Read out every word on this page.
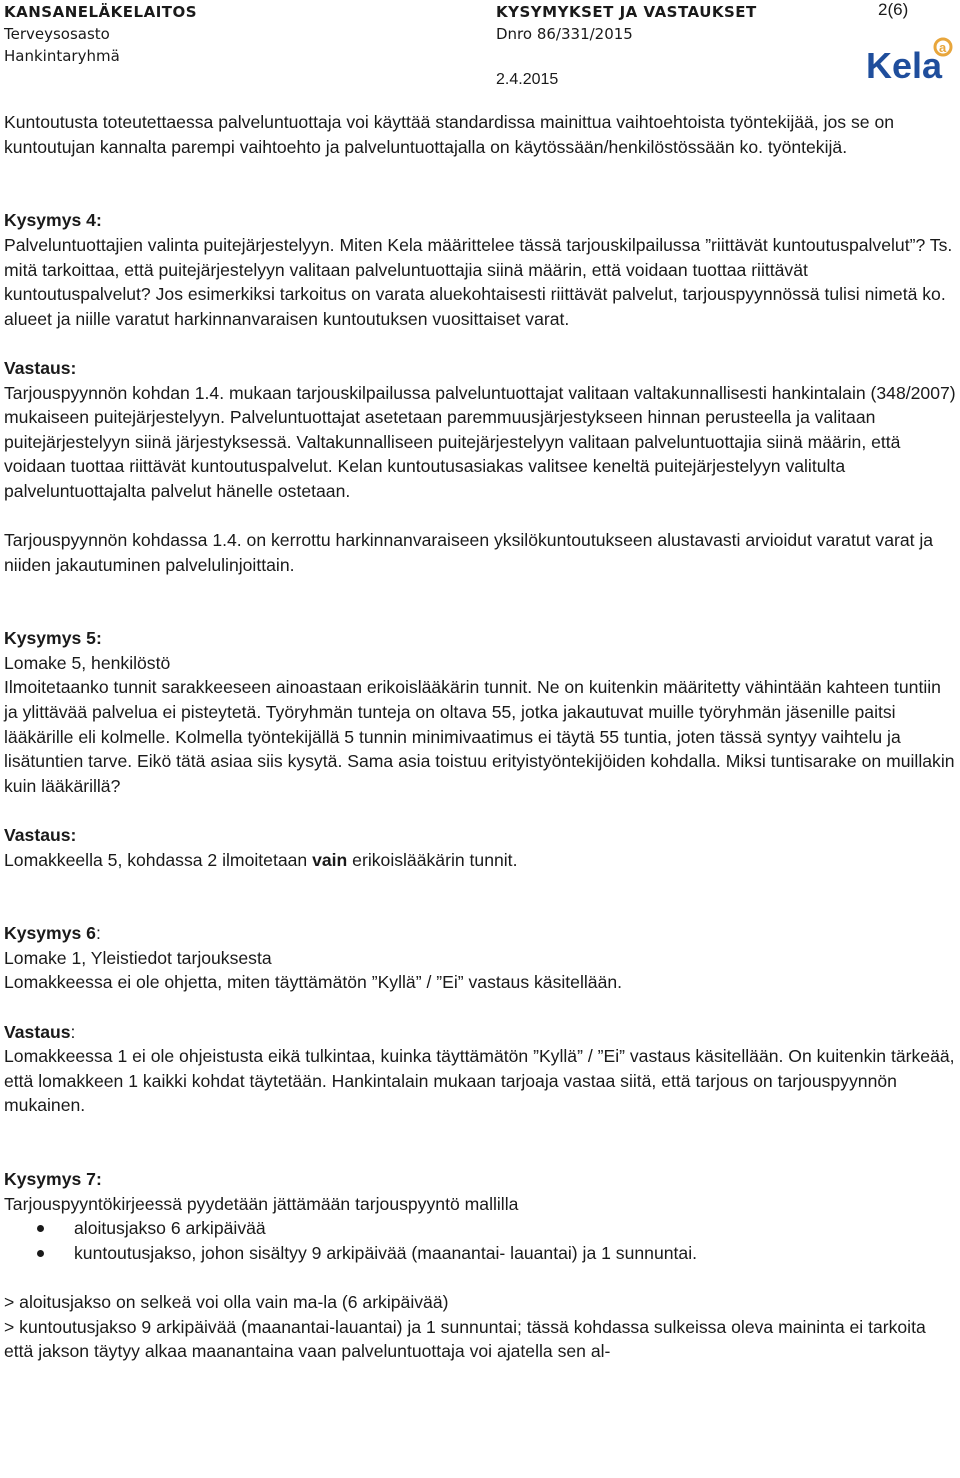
KANSANELÄKELAITOS
Terveysosasto
Hankintaryhmä
KYSYMYKSET JA VASTAUKSET
Dnro 86/331/2015
2(6)
2.4.2015	Kela
a

Kuntoutusta toteutettaessa palveluntuottaja voi käyttää standardissa mainittua vaihtoehtoista työntekijää, jos se on kuntoutujan kannalta parempi vaihtoehto ja palveluntuottajalla on käytössään/henkilöstössään ko. työntekijä.

Kysymys 4:

Palveluntuottajien valinta puitejärjestelyyn. Miten Kela määrittelee tässä tarjouskilpailussa ”riittävät kuntoutuspalvelut”? Ts. mitä tarkoittaa, että puitejärjestelyyn valitaan palveluntuottajia siinä määrin, että voidaan tuottaa riittävät kuntoutuspalvelut? Jos esimerkiksi tarkoitus on varata aluekohtaisesti riittävät palvelut, tarjouspyynnössä tulisi nimetä ko. alueet ja niille varatut harkinnanvaraisen kuntoutuksen vuosittaiset varat.

Vastaus:

Tarjouspyynnön kohdan 1.4. mukaan tarjouskilpailussa palveluntuottajat valitaan valtakunnallisesti hankintalain (348/2007) mukaiseen puitejärjestelyyn. Palveluntuottajat asetetaan paremmuusjärjestykseen hinnan perusteella ja valitaan puitejärjestelyyn siinä järjestyksessä. Valtakunnalliseen puitejärjestelyyn valitaan palveluntuottajia siinä määrin, että voidaan tuottaa riittävät kuntoutuspalvelut. Kelan kuntoutusasiakas valitsee keneltä puitejärjestelyyn valitulta palveluntuottajalta palvelut hänelle ostetaan.

Tarjouspyynnön kohdassa 1.4. on kerrottu harkinnanvaraiseen yksilökuntoutukseen alustavasti arvioidut varatut varat ja niiden jakautuminen palvelulinjoittain.

Kysymys 5:

Lomake 5, henkilöstö

Ilmoitetaanko tunnit sarakkeeseen ainoastaan erikoislääkärin tunnit. Ne on kuitenkin määritetty vähintään kahteen tuntiin ja ylittävää palvelua ei pisteytetä. Työryhmän tunteja on oltava 55, jotka jakautuvat muille työryhmän jäsenille paitsi lääkärille eli kolmelle. Kolmella työntekijällä 5 tunnin minimivaatimus ei täytä 55 tuntia, joten tässä syntyy vaihtelu ja lisätuntien tarve. Eikö tätä asiaa siis kysytä. Sama asia toistuu erityistyöntekijöiden kohdalla. Miksi tuntisarake on muillakin kuin lääkärillä?

Vastaus:

Lomakkeella 5, kohdassa 2 ilmoitetaan vain erikoislääkärin tunnit.

Kysymys 6:

Lomake 1, Yleistiedot tarjouksesta

Lomakkeessa ei ole ohjetta, miten täyttämätön ”Kyllä” / ”Ei” vastaus käsitellään.

Vastaus:

Lomakkeessa 1 ei ole ohjeistusta eikä tulkintaa, kuinka täyttämätön ”Kyllä” / ”Ei” vastaus käsitellään. On kuitenkin tärkeää, että lomakkeen 1 kaikki kohdat täytetään. Hankintalain mukaan tarjoaja vastaa siitä, että tarjous on tarjouspyynnön mukainen.

Kysymys 7:

Tarjouspyyntökirjeessä pyydetään jättämään tarjouspyyntö mallilla

aloitusjakso 6 arkipäivää
kuntoutusjakso, johon sisältyy 9 arkipäivää (maanantai- lauantai) ja 1 sunnuntai.

> aloitusjakso on selkeä voi olla vain ma-la (6 arkipäivää)

> kuntoutusjakso 9 arkipäivää (maanantai-lauantai) ja 1 sunnuntai; tässä kohdassa sulkeissa oleva maininta ei tarkoita että jakson täytyy alkaa maanantaina vaan palveluntuottaja voi ajatella sen al-
